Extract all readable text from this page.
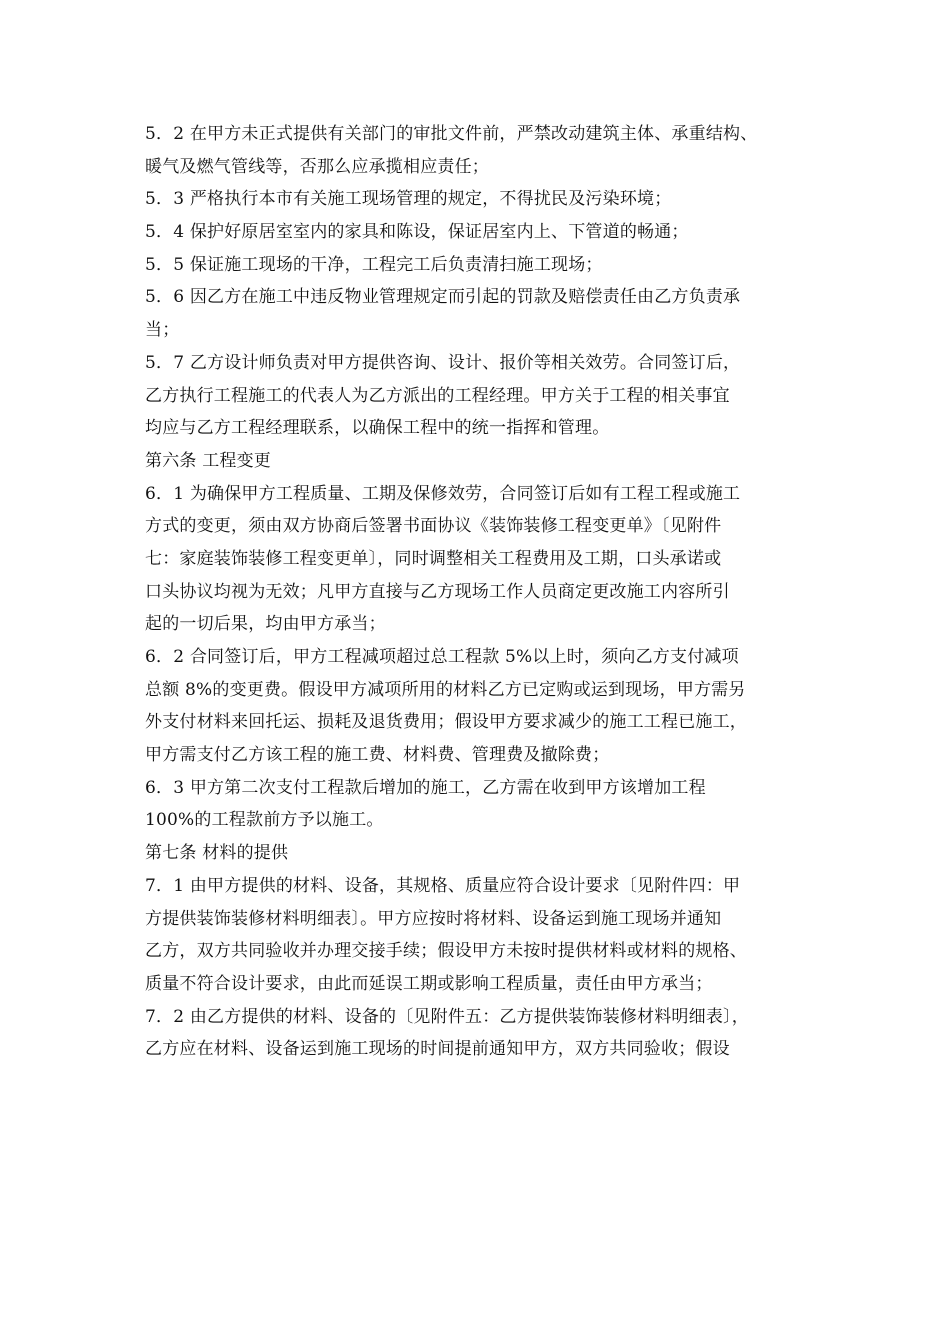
5．2 在甲方未正式提供有关部门的审批文件前，严禁改动建筑主体、承重结构、
暖气及燃气管线等，否那么应承揽相应责任；
5．3 严格执行本市有关施工现场管理的规定，不得扰民及污染环境；
5．4 保护好原居室室内的家具和陈设，保证居室内上、下管道的畅通；
5．5 保证施工现场的干净，工程完工后负责清扫施工现场；
5．6 因乙方在施工中违反物业管理规定而引起的罚款及赔偿责任由乙方负责承
当；
5．7 乙方设计师负责对甲方提供咨询、设计、报价等相关效劳。合同签订后，
乙方执行工程施工的代表人为乙方派出的工程经理。甲方关于工程的相关事宜
均应与乙方工程经理联系，以确保工程中的统一指挥和管理。
第六条 工程变更
6．1 为确保甲方工程质量、工期及保修效劳，合同签订后如有工程工程或施工
方式的变更，须由双方协商后签署书面协议《装饰装修工程变更单》〔见附件
七：家庭装饰装修工程变更单〕，同时调整相关工程费用及工期，口头承诺或
口头协议均视为无效；凡甲方直接与乙方现场工作人员商定更改施工内容所引
起的一切后果，均由甲方承当；
6．2 合同签订后，甲方工程减项超过总工程款 5%以上时，须向乙方支付减项
总额 8%的变更费。假设甲方减项所用的材料乙方已定购或运到现场，甲方需另
外支付材料来回托运、损耗及退货费用；假设甲方要求减少的施工工程已施工，
甲方需支付乙方该工程的施工费、材料费、管理费及撤除费；
6．3 甲方第二次支付工程款后增加的施工，乙方需在收到甲方该增加工程
100%的工程款前方予以施工。
第七条 材料的提供
7．1 由甲方提供的材料、设备，其规格、质量应符合设计要求〔见附件四：甲
方提供装饰装修材料明细表〕。甲方应按时将材料、设备运到施工现场并通知
乙方，双方共同验收并办理交接手续；假设甲方未按时提供材料或材料的规格、
质量不符合设计要求，由此而延误工期或影响工程质量，责任由甲方承当；
7．2 由乙方提供的材料、设备的〔见附件五：乙方提供装饰装修材料明细表〕，
乙方应在材料、设备运到施工现场的时间提前通知甲方，双方共同验收；假设
